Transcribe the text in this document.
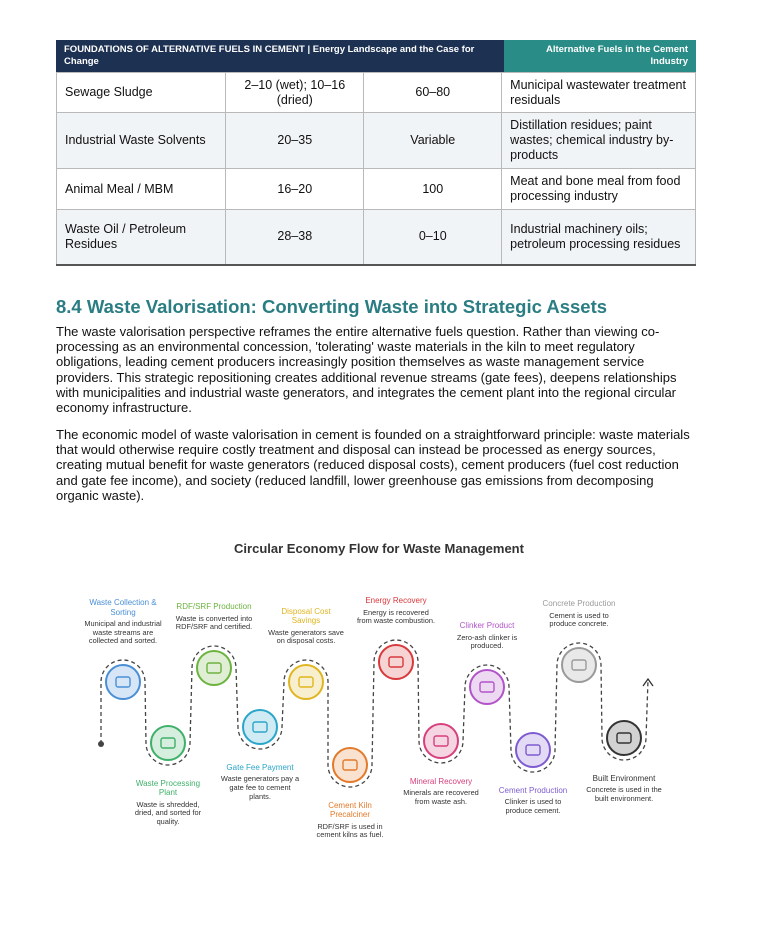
FOUNDATIONS OF ALTERNATIVE FUELS IN CEMENT | Energy Landscape and the Case for Change
Alternative Fuels in the Cement Industry
Sewage Sludge	2–10 (wet); 10–16 (dried)	60–80	Municipal wastewater treatment residuals
Industrial Waste Solvents	20–35	Variable	Distillation residues; paint wastes; chemical industry by-products
Animal Meal / MBM	16–20	100	Meat and bone meal from food processing industry
Waste Oil / Petroleum Residues	28–38	0–10	Industrial machinery oils; petroleum processing residues
8.4 Waste Valorisation: Converting Waste into Strategic Assets

The waste valorisation perspective reframes the entire alternative fuels question. Rather than viewing co-processing as an environmental concession, 'tolerating' waste materials in the kiln to meet regulatory obligations, leading cement producers increasingly position themselves as waste management service providers. This strategic repositioning creates additional revenue streams (gate fees), deepens relationships with municipalities and industrial waste generators, and integrates the cement plant into the regional circular economy infrastructure.

The economic model of waste valorisation in cement is founded on a straightforward principle: waste materials that would otherwise require costly treatment and disposal can instead be processed as energy sources, creating mutual benefit for waste generators (reduced disposal costs), cement producers (fuel cost reduction and gate fee income), and society (reduced landfill, lower greenhouse gas emissions from decomposing organic waste).

Circular Economy Flow for Waste Management
Waste Collection & Sorting
Municipal and industrial waste streams are collected and sorted.
Waste Processing Plant
Waste is shredded, dried, and sorted for quality.
RDF/SRF Production
Waste is converted into RDF/SRF and certified.
Gate Fee Payment
Waste generators pay a gate fee to cement plants.
Disposal Cost Savings
Waste generators save on disposal costs.
Cement Kiln Precalciner
RDF/SRF is used in cement kilns as fuel.
Energy Recovery
Energy is recovered from waste combustion.
Mineral Recovery
Minerals are recovered from waste ash.
Clinker Product
Zero-ash clinker is produced.
Cement Production
Clinker is used to produce cement.
Concrete Production
Cement is used to produce concrete.
Built Environment
Concrete is used in the built environment.
